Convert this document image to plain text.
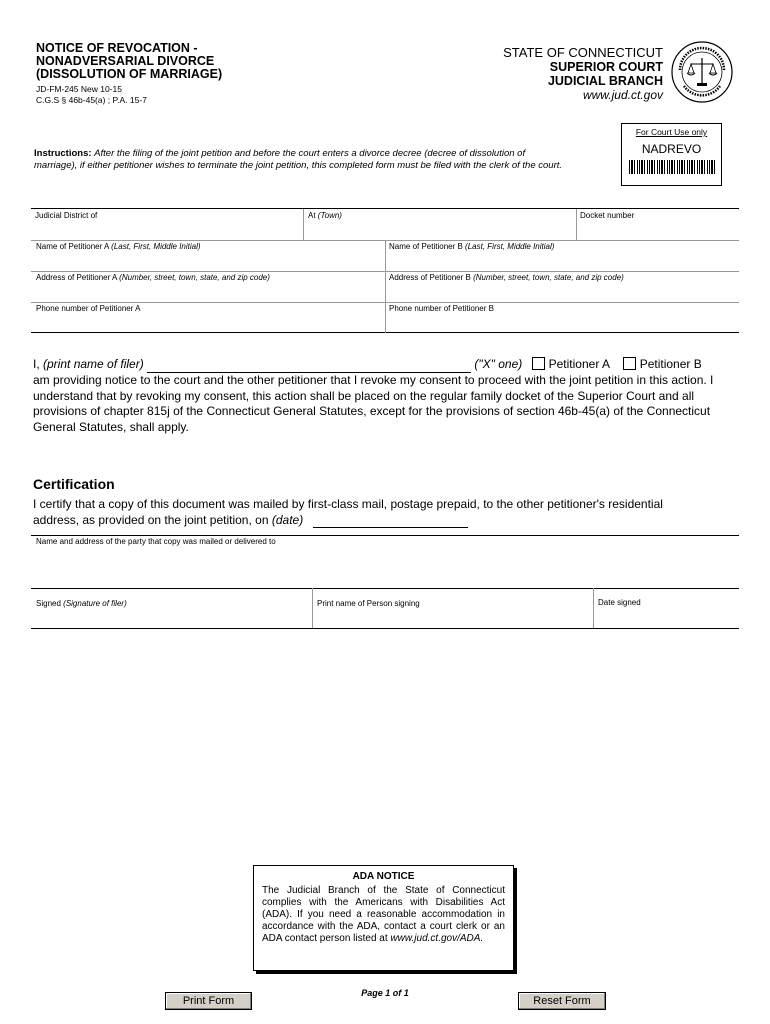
NOTICE OF REVOCATION -
NONADVERSARIAL DIVORCE
(DISSOLUTION OF MARRIAGE)
JD-FM-245 New 10-15
C.G.S § 46b-45(a) ; P.A. 15-7
STATE OF CONNECTICUT
SUPERIOR COURT
JUDICIAL BRANCH
www.jud.ct.gov
For Court Use only
NADREVO
Instructions: After the filing of the joint petition and before the court enters a divorce decree (decree of dissolution of marriage), if either petitioner wishes to terminate the joint petition, this completed form must be filed with the clerk of the court.
Judicial District of	At (Town)	Docket number
Name of Petitioner A (Last, First, Middle Initial)	Name of Petitioner B (Last, First, Middle Initial)
Address of Petitioner A (Number, street, town, state, and zip code)	Address of Petitioner B (Number, street, town, state, and zip code)
Phone number of Petitioner A	Phone number of Petitioner B
I, (print name of filer)	("X" one) Petitioner A	Petitioner B
am providing notice to the court and the other petitioner that I revoke my consent to proceed with the joint petition in this action. I understand that by revoking my consent, this action shall be placed on the regular family docket of the Superior Court and all provisions of chapter 815j of the Connecticut General Statutes, except for the provisions of section 46b-45(a) of the Connecticut General Statutes, shall apply.
Certification
I certify that a copy of this document was mailed by first-class mail, postage prepaid, to the other petitioner's residential
address, as provided on the joint petition, on (date)
Name and address of the party that copy was mailed or delivered to
Signed (Signature of filer)	Print name of Person signing	Date signed
ADA NOTICE
The Judicial Branch of the State of Connecticut complies with the Americans with Disabilities Act (ADA). If you need a reasonable accommodation in accordance with the ADA, contact a court clerk or an ADA contact person listed at www.jud.ct.gov/ADA.
Page 1 of 1
Print Form	Reset Form
